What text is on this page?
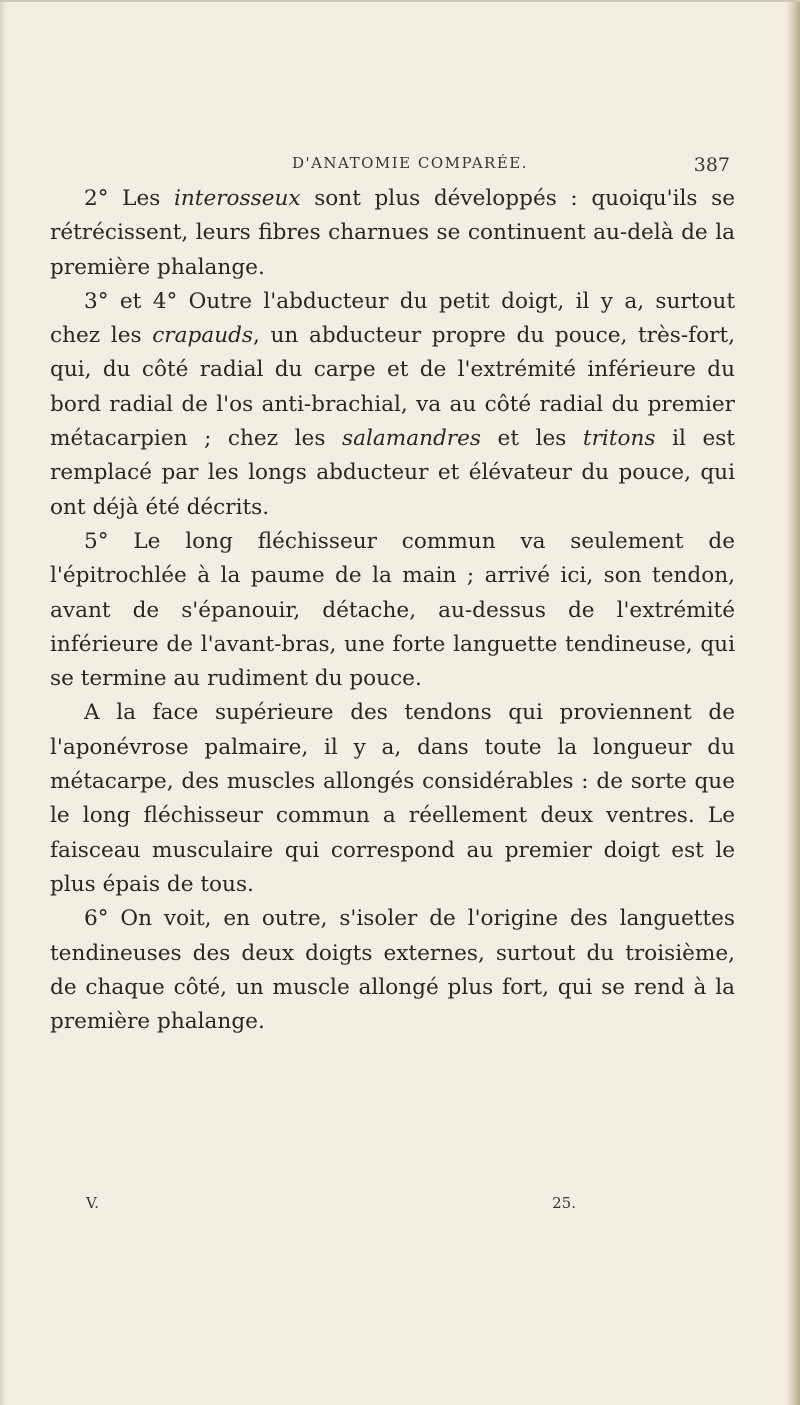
D'ANATOMIE COMPARÉE.	387

2° Les interosseux sont plus développés : quoiqu'ils se rétrécissent, leurs fibres charnues se continuent au-delà de la première phalange.

3° et 4° Outre l'abducteur du petit doigt, il y a, surtout chez les crapauds, un abducteur propre du pouce, très-fort, qui, du côté radial du carpe et de l'extrémité inférieure du bord radial de l'os anti-brachial, va au côté radial du premier métacarpien ; chez les salamandres et les tritons il est remplacé par les longs abducteur et élévateur du pouce, qui ont déjà été décrits.

5° Le long fléchisseur commun va seulement de l'épitrochlée à la paume de la main ; arrivé ici, son tendon, avant de s'épanouir, détache, au-dessus de l'extrémité inférieure de l'avant-bras, une forte languette tendineuse, qui se termine au rudiment du pouce.

A la face supérieure des tendons qui proviennent de l'aponévrose palmaire, il y a, dans toute la longueur du métacarpe, des muscles allongés considérables : de sorte que le long fléchisseur commun a réellement deux ventres. Le faisceau musculaire qui correspond au premier doigt est le plus épais de tous.

6° On voit, en outre, s'isoler de l'origine des languettes tendineuses des deux doigts externes, surtout du troisième, de chaque côté, un muscle allongé plus fort, qui se rend à la première phalange.

V.	25.
